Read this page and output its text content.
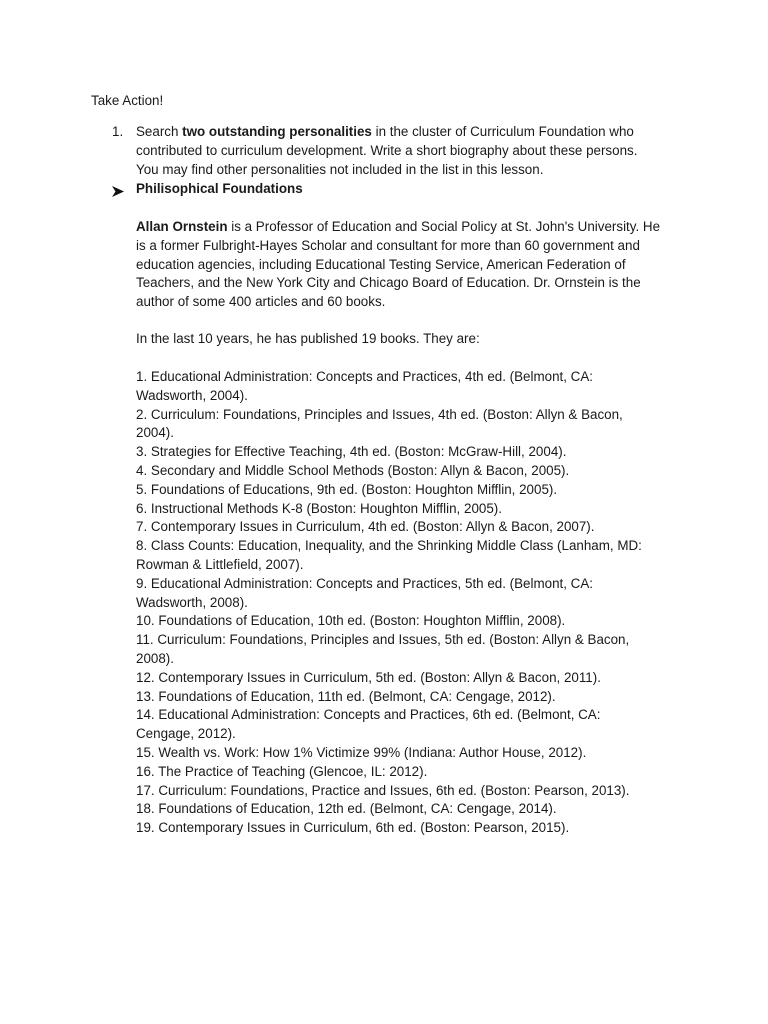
Take Action!
1. Search two outstanding personalities in the cluster of Curriculum Foundation who
contributed to curriculum development. Write a short biography about these persons.
You may find other personalities not included in the list in this lesson.
Philisophical Foundations
Allan Ornstein is a Professor of Education and Social Policy at St. John's University. He
is a former Fulbright-Hayes Scholar and consultant for more than 60 government and
education agencies, including Educational Testing Service, American Federation of
Teachers, and the New York City and Chicago Board of Education. Dr. Ornstein is the
author of some 400 articles and 60 books.
In the last 10 years, he has published 19 books. They are:
1. Educational Administration: Concepts and Practices, 4th ed. (Belmont, CA:
Wadsworth, 2004).
2. Curriculum: Foundations, Principles and Issues, 4th ed. (Boston: Allyn & Bacon,
2004).
3. Strategies for Effective Teaching, 4th ed. (Boston: McGraw-Hill, 2004).
4. Secondary and Middle School Methods (Boston: Allyn & Bacon, 2005).
5. Foundations of Educations, 9th ed. (Boston: Houghton Mifflin, 2005).
6. Instructional Methods K-8 (Boston: Houghton Mifflin, 2005).
7. Contemporary Issues in Curriculum, 4th ed. (Boston: Allyn & Bacon, 2007).
8. Class Counts: Education, Inequality, and the Shrinking Middle Class (Lanham, MD:
Rowman & Littlefield, 2007).
9. Educational Administration: Concepts and Practices, 5th ed. (Belmont, CA:
Wadsworth, 2008).
10. Foundations of Education, 10th ed. (Boston: Houghton Mifflin, 2008).
11. Curriculum: Foundations, Principles and Issues, 5th ed. (Boston: Allyn & Bacon,
2008).
12. Contemporary Issues in Curriculum, 5th ed. (Boston: Allyn & Bacon, 2011).
13. Foundations of Education, 11th ed. (Belmont, CA: Cengage, 2012).
14. Educational Administration: Concepts and Practices, 6th ed. (Belmont, CA:
Cengage, 2012).
15. Wealth vs. Work: How 1% Victimize 99% (Indiana: Author House, 2012).
16. The Practice of Teaching (Glencoe, IL: 2012).
17. Curriculum: Foundations, Practice and Issues, 6th ed. (Boston: Pearson, 2013).
18. Foundations of Education, 12th ed. (Belmont, CA: Cengage, 2014).
19. Contemporary Issues in Curriculum, 6th ed. (Boston: Pearson, 2015).
